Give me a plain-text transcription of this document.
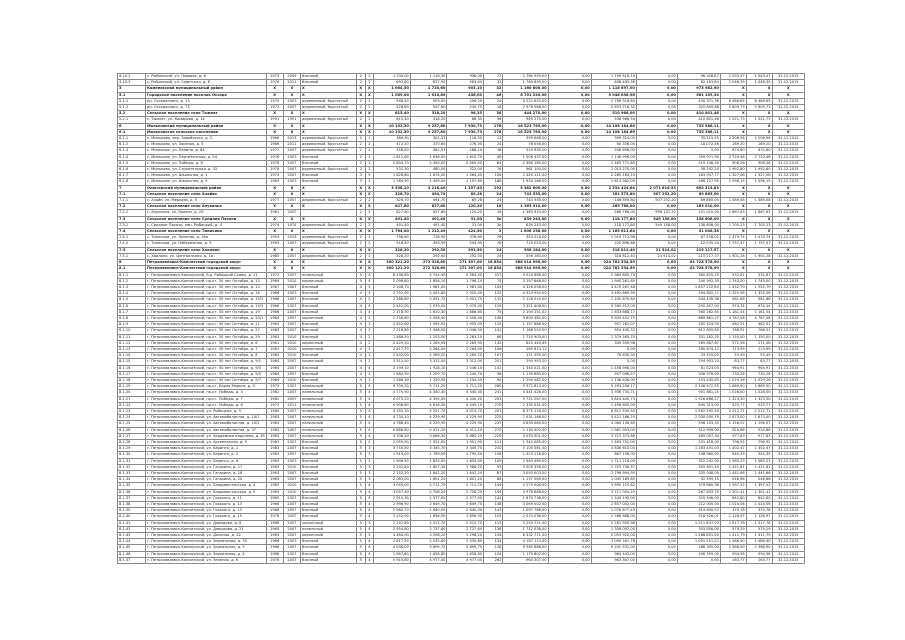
4.10.2	с. Рыбинский, ул. Львовая, д. 6	1973	2009	блочный	2	2	1 230,00	1 116,30	936,00	72	2 760 959,00	0,00	1 709 818,19	0,00	96 308,87	1 593,47	1 593,47	31.12.2015
4.10.3	с. Рыбинский, ул. Советская, д. 8	1976	2011	блочный	2	2	693,80	627,90	583,40	32	1 760 895,00	0,00	838 495,36	0,00	62 163,84	1 046,39	1 046,39	31.12.2015
5	Каменисский муниципальный район	X	X	X	X	X	1 064,50	1 720,60	903,10	32	1 160 800,00	0,00	1 118 897,00	0,00	973 982,90	X	X	X
5.1	Городское поселение поселок Оссора	X	X	X	X	X	1 069,00	1 010,60	438,00	46	6 701 220,00	0,00	5 948 836,96	0,00	561 159,34	X	X	X
5.1.1	рп. Оссорасовсн, д. 13	1975	2007	деревянный, брусчатый	2	2	548,40	503,00	298,20	24	3 222 652,00	0,00	2 786 318,64	0,00	430 371,36	6 486,65	6 486,65	31.12.2015
5.1.2	рп. Оссорасовсн, д. 73	1973	2007	деревянный, брусчатый	2	2	526,60	507,60	235,70	18	2 978 568,00	0,00	2 653 718,32	0,00	325 849,68	5 809,73	5 809,73	31.12.2015
5.2	Сельское поселение село Тымлат	X	X	X	X	X	615,40	318,20	98,35	36	444 270,00	0,00	510 966,00	0,00	410 801,46	X	X	X
5.2.1	с. Тымлат, ул. Комарова, д. 14	1991	1991	деревянный, брусчатый	2	2	615,40	318,20	86,35	36	949 270,00	0,00	538 966,54	0,00	410 801,46	1 521,73	1 521,73	31.12.2015
6	Мильковский муниципальный район	X	X	X	X	X	10 152,30	9 257,80	7 930,73	176	18 523 763,00	0,00	14 108 184,66	0,00	735 386,11	X	X	X
6.1	Мильковское сельское поселение	X	X	X	X	X	10 152,30	9 257,80	7 930,73	176	18 523 763,00	0,00	14 108 184,66	0,00	735 386,11	X	X	X
6.1.1	с. Мильково, пер. Завойского, д. 5	1966	2013	деревянный, брусчатый	2	1	366,90	302,33	116,50	12	399 698,00	0,00	399 314,05	0,00	35 515,95	2 206,96	2 206,96	31.12.2015
6.1.2	с. Мильково, ул. Заозная, д. 5	1966	2011	деревянный, брусчатый	2	2	412,20	370,60	276,30	24	78 058,00	0,00	60 336,00	0,00	18 072,36	189,20	189,20	31.12.2015
6.1.3	с. Мильково, ул. Ленина, д. 64	1972	2007	деревянный, брусчатый	2	2	358,50	361,53	268,10	18	210 630,00	0,00	208 656,00	0,00	0,00	674,60	674,60	31.12.2015
6.1.4	с. Мильково, ул. Партизанская, д. 54	1976	2007	блочный	2	2	1 811,60	1 636,00	1 610,70	48	1 506 437,00	0,00	1 146 996,00	0,00	359 071,90	2 720,48	2 720,48	31.12.2015
6.1.5	с. Мильково, ул. Победы, д. 8	1976	2007	блочный	2	2	2 804,70	2 490,00	2 465,00	64	2 460 180,00	0,00	2 465 771,65	0,00	219 108,35	906,26	906,26	31.12.2015
6.1.6	с. Мильково, ул. Строительная, д. 32	1976	2007	деревянный, брусчатый	2	2	531,30	480,00	322,00	76	961 100,00	0,00	1 015 270,00	0,00	58 292,20	1 992,80	1 992,80	31.12.2015
6.1.7	с. Мильково, ул. Школьная, д. 1	1974	2007	блочный	3	5	1 828,80	1 674,00	1 564,45	106	2 429 121,00	0,00	2 265 183,23	0,00	163 937,77	1 327,08	1 327,08	31.12.2015
6.1.8	с. Мильково, ул. Школьная, д. 9	1963	2007	блочный	3	2	1 764,90	1 459,00	1 157,60	188	1 934 168,00	0,00	1 613 962,05	0,00	268 127,95	1 096,15	1 096,15	31.12.2015
7	Олюторский муниципальный район	X	X	X	X	X	3 538,10	3 216,40	1 157,40	192	5 382 600,00	0,00	2 534 424,64	2 071 616,53	892 315,83	X	X	X
7.1	Сельское поселение село Ачайво	X	X	X	X	X	326,70	494,70	89,28	24	743 535,00	0,00	161 575,80	507 252,20	89 865,00	X	X	X
7.1.1	с. Ачайв, ул. Меркова, д. 5	1977	2007	деревянный, брусчатый	2	2	326,70	494,70	89,28	24	743 535,00	0,00	146 395,80	507 252,20	89 865,00	1 589,08	1 589,08	31.12.2015
7.2	Сельское поселение село Апукинка	X	X	X	X	X	627,80	627,80	120,20	16	1 363 910,00	0,00	265 768,00	0,00	163 010,00	X	X	X
7.2.1	с. Апукинка, ул. Квазин, д. 29	1981	2007		2	2	627,80	627,80	120,20	16	1 363 910,00	0,00	266 768,00	996 131,20	101 010,00	1 667,63	1 667,63	31.12.2015
7.3	Сельское поселение село Средние Пахачи	X	X	X	X	X	491,40	491,40	31,00	3к	839 243,00	0,00	118 177,80	549 156,00	138 608,00	X	X	X
7.3.1	с. Средние Пахачи, пер. Рыбацкий, д. 4	1974	1974	деревянный, брусчатый	2	2	491,40	491,40	31,00	3к	839 243,00	0,00	118 177,80	549 156,00	138 608,00	1 705,23	1 705,23	31.12.2015
7.4	Сельское поселение село Тиличики	X	X	X	X	X	1 764,00	1 212,49	424,50	2	1 806 238,00	0,00	1 165 611,64	0,00	51 046,36	X	X	X
7.4.1	с. Тиличики, ул. Зеленая, д. 16а	1993	2013	деревянный, брусчатый	2	2	798,80	718,90	378,60	76	354 218,00	0,00	1 019 712,98	0,00	67 528,02	1 479,74	1 470,74	31.12.2015
7.4.2	с. Тиличики, ул. Набережная, д. 9	1993	2007	деревянный, брусчатый	2	2	516,40	493,59	243,90	76	719 023,00	0,00	220 898,66	0,00	12 035,34	1 757,47	1 757,47	31.12.2015
7.5	Сельское поселение село Хаилино	X	X	X	X	X	328,20	292,50	292,50	24	556 184,00	0,00	318 812,40	21 514,02	215 217,57	X	X	X
7.5.1	с. Хаилино, ул. Центральная, д. 1а	1985	2007	деревянный, брусчатый	2	1	328,20	292,50	292,50	24	556 184,00	0,00	318 812,40	21 514,02	215 217,57	1 901,28	1 901,28	31.12.2015
8	Петропавловск-Камчатский городской округ	X	X	X	X	X	300 121,20	272 328,60	271 307,00	16 854	588 914 090,00	0,00	224 782 534,59	0,00	81 728 578,90	X	X	X
8.1	Петропавловск-Камчатский городской округ	X	X	X	X	X	300 121,20	272 328,60	271 307,00	16 854	588 914 090,00	0,00	224 782 534,59	0,00	81 728 578,90	X	X	X
8.1.1	г. Петропавловск-Камчатский, б-р. Рыбацкой Славы, д. 11	1972	2007	панельный	5	4	6 436,80	5 744,90	5 584,40	257	3 024 668,00	0,00	2 984 690,75	0,00	360 825,25	532,61	532,87	31.12.2015
8.1.2	г. Петропавловск-Камчатский, пр-кт. 50 лет Октября, д. 12	1969	2010	кирпичный	5	4	2 098,80	1 856,10	1 796,10	75	3 197 668,00	0,00	1 940 261,65	0,00	240 992,35	1 743,00	1 743,00	31.12.2015
8.1.3	г. Петропавловск-Камчатский, пр-кт. 50 лет Октября, д. 13	1967	2007	блочный	4	3	2 148,70	1 981,00	1 981,00	104	4 326 058,00	0,00	3 470 267,48	0,00	1 857 222,60	1 552,79	1 552,79	31.12.2015
8.1.4	г. Петропавловск-Камчатский, пр-кт. 50 лет Октября, д. 14	1966	2007	блочный	4	3	2 752,90	2 401,80	2 025,40	152	4 323 950,00	0,00	3 492 689,95	0,00	294 802,17	1 325,56	1 325,56	31.12.2015
8.1.5	г. Петропавловск-Камчатский, пр-кт. 50 лет Октября, д. 15/2	1966	2007	блочный	4	2	2 288,80	2 051,70	2 051,70	112	2 126 510,00	0,00	1 230 679,64	0,00	244 478,36	581,66	581,66	31.12.2015
8.1.6	г. Петропавловск-Камчатский, пр-кт. 50 лет Октября, д. 15/3	1966	2007	блочный	4	4	2 452,00	2 079,00	2 079,00	129	3 321 406,00	0,00	3 280 512,00	0,00	292 657,00	974,14	974,14	31.12.2015
8.1.7	г. Петропавловск-Камчатский, пр-кт. 50 лет Октября, д. 19	1966	2007	блочный	4	4	2 118,90	1 810,30	1 886,60	75	2 194 151,02	0,00	1 633 888,17	0,00	560 262,85	1 181,54	1 181,54	31.12.2015
8.1.8	г. Петропавловск-Камчатский, пр-кт. 50 лет Октября, д. 20/1	1964	2007	кирпичный	4	2	2 756,80	2 556,40	2 556,40	108	9 800 482,00	0,00	9 505 452,75	0,00	669 661,27	4 767,08	4 767,08	31.12.2015
8.1.9	г. Петропавловск-Камчатский, пр-кт. 50 лет Октября, д. 21	1963	2007	блочный	4	2	2 452,60	1 955,00	1 955,00	115	1 157 686,00	0,00	957 261,07	0,00	200 424,93	462,51	462,51	31.12.2015
8.1.10	г. Петропавловск-Камчатский, пр-кт. 50 лет Октября, д. 27	1963	2007	блочный	4	2	2 216,60	1 546,00	1 046,00	141	1 166 250,00	0,00	954 445,32	0,00	611 805,65	766,51	766,51	31.12.2015
8.1.11	г. Петропавловск-Камчатский, пр-кт. 50 лет Октября, д. 29	1963	2010	блочный	4	2	1 486,50	1 203,00	1 263,10	66	1 710 903,00	0,00	1 379 565,70	0,00	331 182,20	1 150,00	1 150,00	31.12.2015
8.1.12	г. Петропавловск-Камчатский, пр-кт. 50 лет Октября, д. 6	1961	2010	кирпичный	4	2	2 429,20	2 265,95	2 265,95	132	615 440,65	0,00	345 550,98	0,00	269 887,67	271,56	271,56	31.12.2015
8.1.13	г. Петропавловск-Камчатский, пр-кт. 50 лет Октября, д. 7	1961	2010	кирпичный	4	2	2 417,70	2 264,00	2 264,00	106	285 874,12	0,00	0,00	0,00	285 874,12	113,99	113,99	31.12.2015
8.1.14	г. Петропавловск-Камчатский, пр-кт. 50 лет Октября, д. 8	1964	2010	блочный	4	2	2 402,00	2 269,20	2 269,20	107	121 955,00	0,00	78 630,00	0,00	43 325,00	53,49	53,49	31.12.2015
8.1.15	г. Петропавловск-Камчатский, пр-кт. 50 лет Октября, д. 9/1	1964	2007	кирпичный	4	2	3 512,90	3 312,00	3 312,00	201	294 953,20	0,00	0,00	0,00	294 953,20	83,77	83,77	31.12.2015
8.1.16	г. Петропавловск-Камчатский, пр-кт. 50 лет Октября, д. 9/3	1964	2007	блочный	4	4	2 199,10	1 928,10	2 036,10	141	1 540 021,00	0,00	1 458 998,00	0,00	81 023,00	964,91	964,91	31.12.2015
8.1.17	г. Петропавловск-Камчатский, пр-кт. 50 лет Октября, д. 9/5	1964	2007	блочный	4	2	1 560,90	1 209,70	1 240,70	96	1 139 880,00	0,00	957 096,57	0,00	206 976,00	730,26	730,26	31.12.2015
8.1.18	г. Петропавловск-Камчатский, пр-кт. 50 лет Октября, д. 9/7	1964	2010	блочный	4	2	1 586,30	1 259,50	1 254,50	90	1 290 082,00	0,00	1 136 636,00	0,00	153 445,85	1 029,26	1 029,26	31.12.2015
8.1.19	г. Петропавловск-Камчатский, пр-кт. Карла Маркса, д. 9	1973	2007	панельный	5	4	6 709,20	5 711,20	5 711,20	280	5 372 813,00	0,00	5 293 256,17	0,00	2 108 972,55	1 669,50	1 669,50	31.12.2015
8.1.20	г. Петропавловск-Камчатский, пр-кт. Победы, д. 3	1982	2007	панельный	5	4	4 775,90	4 340,40	4 340,40	241	4 441 428,00	0,00	3 936 730,71	0,00	901 861,25	1 028,00	1 028,00	31.12.2015
8.1.21	г. Петропавловск-Камчатский, пр-кт. Победы, д. 7	1982	2007	панельный	5	4	4 075,20	4 355,00	4 340,20	203	5 751 267,00	0,00	3 824 400,73	0,00	1 926 866,27	1 323,50	1 323,50	31.12.2015
8.1.22	г. Петропавловск-Камчатский, пр-кт. Победы, д. 8	1972	2011	панельный	5	4	4 906,80	4 616,30	4 445,10	270	2 335 531,00	0,00	1 496 600,00	0,00	845 313,00	525,77	525,77	31.12.2015
8.1.23	г. Петропавловск-Камчатский, ул. Рыбацкая, д. 3	1984	2007	панельный	5	4	4 150,30	4 201,70	4 013,70	201	8 375 128,00	0,00	6 812 535,50	0,00	1 562 592,50	2 012,71	2 012,71	31.12.2015
8.1.24	г. Петропавловск-Камчатский, ул. Автомобилистов, д. 14/1	1983	2007	панельный	5	4	4 730,10	4 229,90	4 229,90	225	7 031 166,00	0,00	4 421 166,25	0,00	2 000 000,75	1 673,00	1 673,00	31.12.2015
8.1.25	г. Петропавловск-Камчатский, ул. Автомобилистов, д. 14/2	1983	2007	панельный	5	4	4 768,40	4 229,90	4 229,90	237	4 639 080,00	0,00	4 084 136,65	0,00	598 103,35	1 156,07	1 156,07	31.12.2015
8.1.26	г. Петропавловск-Камчатский, ул. Автомобилистов, д. 37	1983	2007	панельный	5	4	4 868,80	4 411,20	4 411,20	270	2 134 402,00	0,00	1 961 953,00	0,00	312 699,00	524,66	524,66	31.12.2015
8.1.27	г. Петропавловск-Камчатский, ул. Академика Королева, д. 35	1983	2007	панельный	5	4	4 338,50	3 666,30	3 685,20	229	4 053 901,00	0,00	3 712 373,66	0,00	565 057,34	977,83	977,83	31.12.2015
8.1.28	г. Петропавловск-Камчатский, ул. Арсенальная, д. 5	1983	2007	блочный	5	2	2 059,90	1 951,00	1 951,90	111	1 542 085,00	0,00	1 463 751,00	0,00	251 416,00	796,92	796,92	31.12.2015
8.1.29	г. Петропавловск-Камчатский, ул. Беринга, д. 1	1983	2007	блочный	5	3	3 745,50	3 345,70	3 345,70	210	5 100 061,00	0,00	3 836 610,00	0,00	1 263 451,00	1 402,47	1 402,47	31.12.2015
8.1.30	г. Петропавловск-Камчатский, ул. Беринга, д. 2	1983	2007	блочный	5	3	1 919,00	1 789,50	1 795,50	108	1 023 116,00	0,00	867 156,00	0,00	208 960,00	545,39	545,39	31.12.2015
8.1.31	г. Петропавловск-Камчатский, ул. Беринга, д. 6	1983	2007	блочный	5	2	1 906,50	1 835,00	1 835,00	109	2 063 460,00	0,00	1 711 218,00	0,00	352 242,00	1 085,23	1 085,23	31.12.2015
8.1.32	г. Петропавловск-Камчатский, ул. Гагарина, д. 17	1963	2010	блочный	5	3	2 102,80	1 807,30	1 986,20	93	3 009 358,00	0,00	2 703 706,57	0,00	305 651,43	1 421,81	1 421,81	31.12.2015
8.1.33	г. Петропавловск-Камчатский, ул. Гагарина, д. 18	1963	2007	блочный	5	3	2 152,50	1 842,20	1 842,20	87	3 093 003,00	0,00	2 796 994,95	0,00	335 008,05	1 441,66	1 441,66	31.12.2015
8.1.34	г. Петропавловск-Камчатский, ул. Гагарина, д. 20	1963	2007	блочный	5	3	2 081,00	1 801,20	1 801,20	86	1 137 589,00	0,00	1 045 189,85	0,00	92 399,15	546,66	546,66	31.12.2015
8.1.35	г. Петропавловск-Камчатский, ул. Владивостокская, д. 4	1965	2010	блочный	5	4	3 059,00	2 711,70	2 711,70	144	4 275 006,00	0,00	3 895 125,62	0,00	379 880,38	1 397,52	1 397,52	31.12.2015
8.1.36	г. Петропавловск-Камчатский, ул. Владивостокская, д. 5	1965	2010	блочный	5	4	3 057,40	2 708,20	2 708,20	144	3 978 888,00	0,00	3 711 054,25	0,00	267 833,75	1 301,41	1 301,41	31.12.2015
8.1.37	г. Петропавловск-Камчатский, ул. Горького, д. 11	1965	2007	блочный	5	4	2 910,30	2 577,00	2 577,00	142	1 870 736,00	0,00	1 545 190,00	0,00	325 546,00	642,80	642,80	31.12.2015
8.1.38	г. Петропавловск-Камчатский, ул. Горького, д. 13	1966	2007	блочный	5	4	2 996,90	2 649,70	2 649,70	148	3 069 002,00	0,00	2 857 002,00	0,00	212 000,00	1 024,06	1 024,06	31.12.2015
8.1.39	г. Петропавловск-Камчатский, ул. Горького, д. 15	1966	2007	блочный	5	4	2 960,70	2 640,00	2 640,00	143	1 097 768,00	0,00	1 078 877,43	0,00	314 890,57	370,78	370,78	31.12.2015
8.1.40	г. Петропавловск-Камчатский, ул. Горького, д. 15	1976	2007	блочный	5	4	2 142,90	1 856,90	1 856,90	102	2 415 036,00	0,00	2 288 888,00	0,00	518 526,01	1 126,97	1 126,97	31.12.2015
8.1.41	г. Петропавловск-Камчатский, ул. Давыдова, д. 8	1968	2007	кирпичный	5	3	2 142,80	2 512,70	2 512,70	115	3 253 721,00	0,00	2 281 950,98	0,00	1 211 837,00	1 517,78	1 517,78	31.12.2015
8.1.42	г. Петропавловск-Камчатский, ул. Давыдова, д. 21	1965	2007	панельный	5	4	2 954,80	2 737,80	2 737,80	138	1 712 038,00	0,00	1 358 092,00	0,00	353 856,00	579,29	579,29	31.12.2015
8.1.43	г. Петропавловск-Камчатский, ул. Дальняя, д. 22	1963	2007	кирпичный	5	3	4 484,90	3 298,20	3 298,20	154	6 332 771,00	0,00	5 053 920,00	0,00	1 268 851,00	1 411,79	1 411,79	31.12.2015
8.1.44	г. Петропавловск-Камчатский, ул. Зеркальная, д. 35	1966	2007	блочный	5	4	2 817,50	2 535,60	2 535,60	134	4 187 113,00	0,00	3 095 561,78	0,00	1 091 551,22	1 486,40	1 486,40	31.12.2015
8.1.45	г. Петропавловск-Камчатский, ул. Зеркальная, д. 5	1966	2007	блочный	5	4	4 036,00	3 899,70	3 899,70	126	9 560 886,00	0,00	9 292 531,00	0,00	268 355,00	2 368,90	2 368,90	31.12.2015
8.1.46	г. Петропавловск-Камчатский, ул. Зеркальная, д. 4	1968	2007	блочный	5	4	1 967,80	1 658,80	1 658,80	104	1 170 802,00	0,00	964 443,00	0,00	206 359,00	594,98	594,98	31.12.2015
8.1.47	г. Петропавловск-Камчатский, ул. Зеленая, д. 6	1976	2007	блочный	5	4	5 910,80	4 977,00	4 977,00	262	963 307,00	0,00	963 307,00	0,00	0,00	163,77	163,77	31.12.2015
